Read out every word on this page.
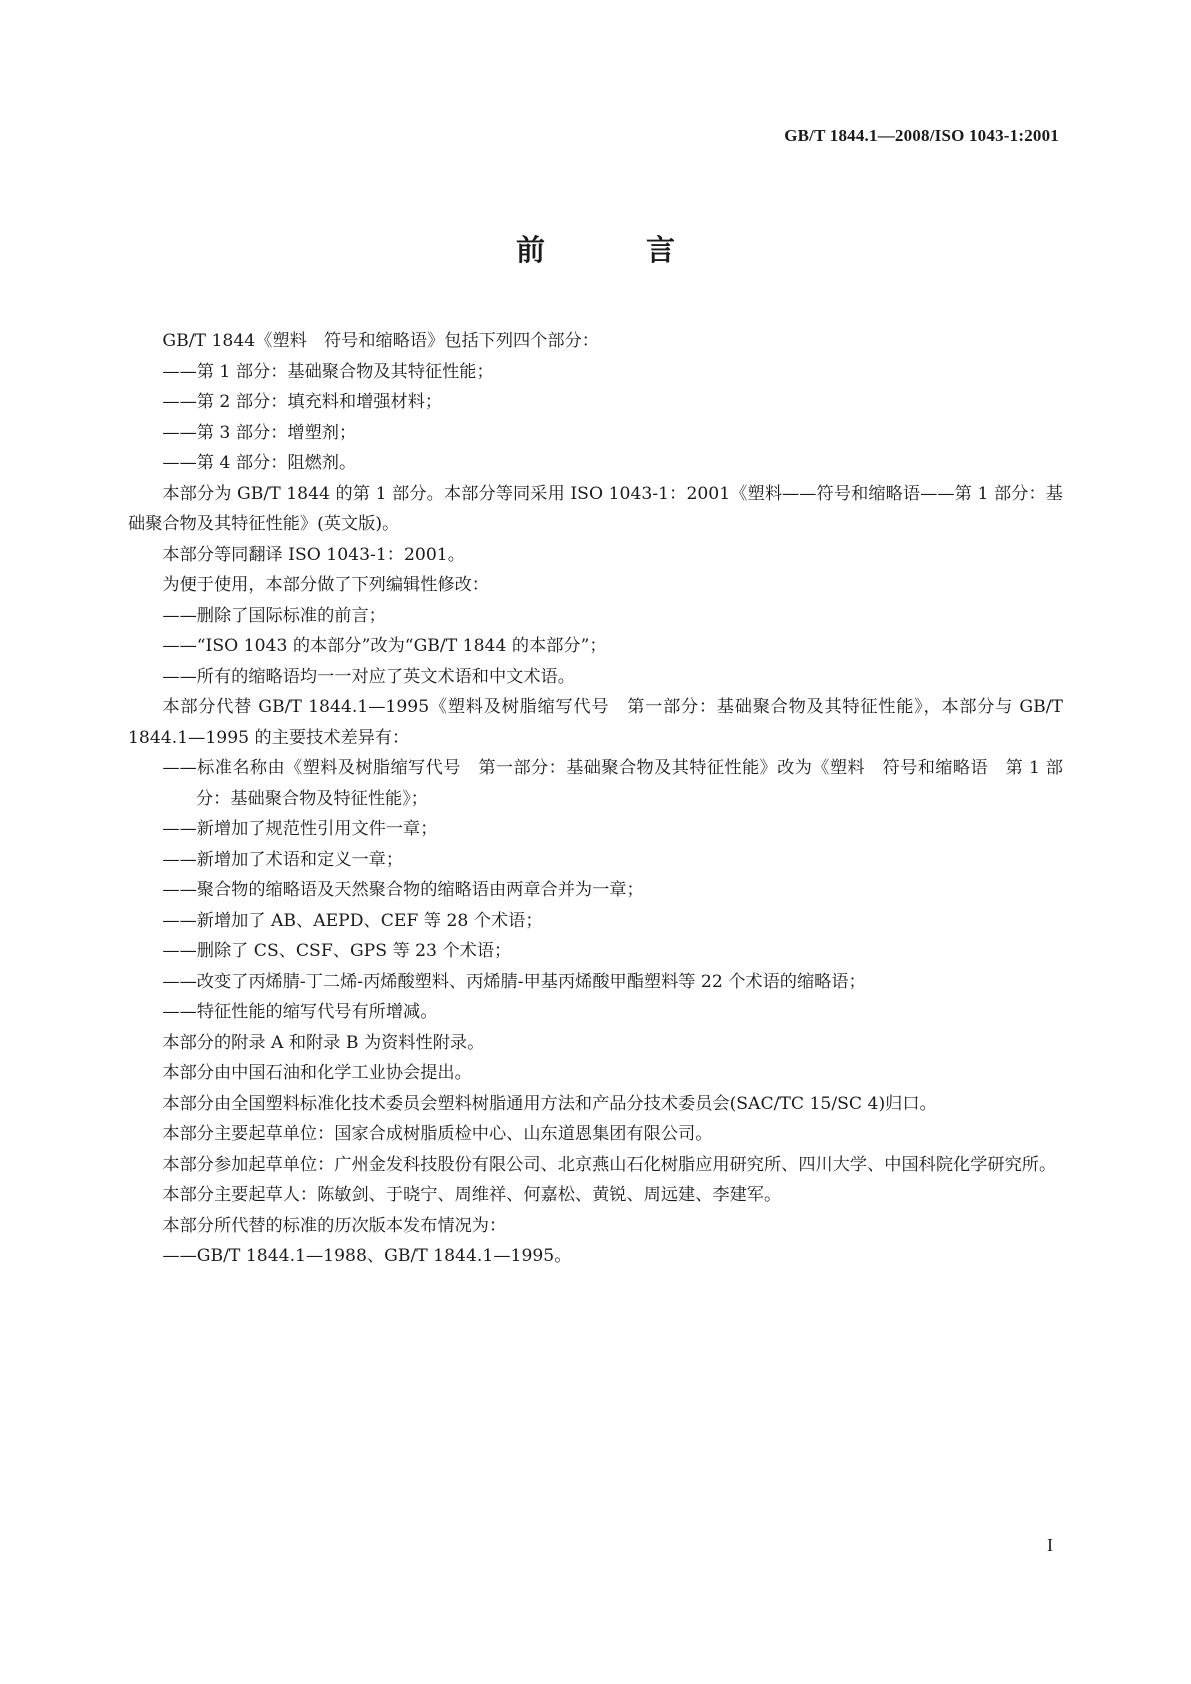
GB/T 1844.1—2008/ISO 1043-1:2001
前　言

GB/T 1844《塑料　符号和缩略语》包括下列四个部分：

——第 1 部分：基础聚合物及其特征性能；

——第 2 部分：填充料和增强材料；

——第 3 部分：增塑剂；

——第 4 部分：阻燃剂。

本部分为 GB/T 1844 的第 1 部分。本部分等同采用 ISO 1043-1：2001《塑料——符号和缩略语——第 1 部分：基础聚合物及其特征性能》(英文版)。

本部分等同翻译 ISO 1043-1：2001。

为便于使用，本部分做了下列编辑性修改：

——删除了国际标准的前言；

——“ISO 1043 的本部分”改为“GB/T 1844 的本部分”；

——所有的缩略语均一一对应了英文术语和中文术语。

本部分代替 GB/T 1844.1—1995《塑料及树脂缩写代号　第一部分：基础聚合物及其特征性能》，本部分与 GB/T 1844.1—1995 的主要技术差异有：

——标准名称由《塑料及树脂缩写代号　第一部分：基础聚合物及其特征性能》改为《塑料　符号和缩略语　第 1 部分：基础聚合物及特征性能》；

——新增加了规范性引用文件一章；

——新增加了术语和定义一章；

——聚合物的缩略语及天然聚合物的缩略语由两章合并为一章；

——新增加了 AB、AEPD、CEF 等 28 个术语；

——删除了 CS、CSF、GPS 等 23 个术语；

——改变了丙烯腈-丁二烯-丙烯酸塑料、丙烯腈-甲基丙烯酸甲酯塑料等 22 个术语的缩略语；

——特征性能的缩写代号有所增减。

本部分的附录 A 和附录 B 为资料性附录。

本部分由中国石油和化学工业协会提出。

本部分由全国塑料标准化技术委员会塑料树脂通用方法和产品分技术委员会(SAC/TC 15/SC 4)归口。

本部分主要起草单位：国家合成树脂质检中心、山东道恩集团有限公司。

本部分参加起草单位：广州金发科技股份有限公司、北京燕山石化树脂应用研究所、四川大学、中国科院化学研究所。

本部分主要起草人：陈敏剑、于晓宁、周维祥、何嘉松、黄锐、周远建、李建军。

本部分所代替的标准的历次版本发布情况为：

——GB/T 1844.1—1988、GB/T 1844.1—1995。

I
